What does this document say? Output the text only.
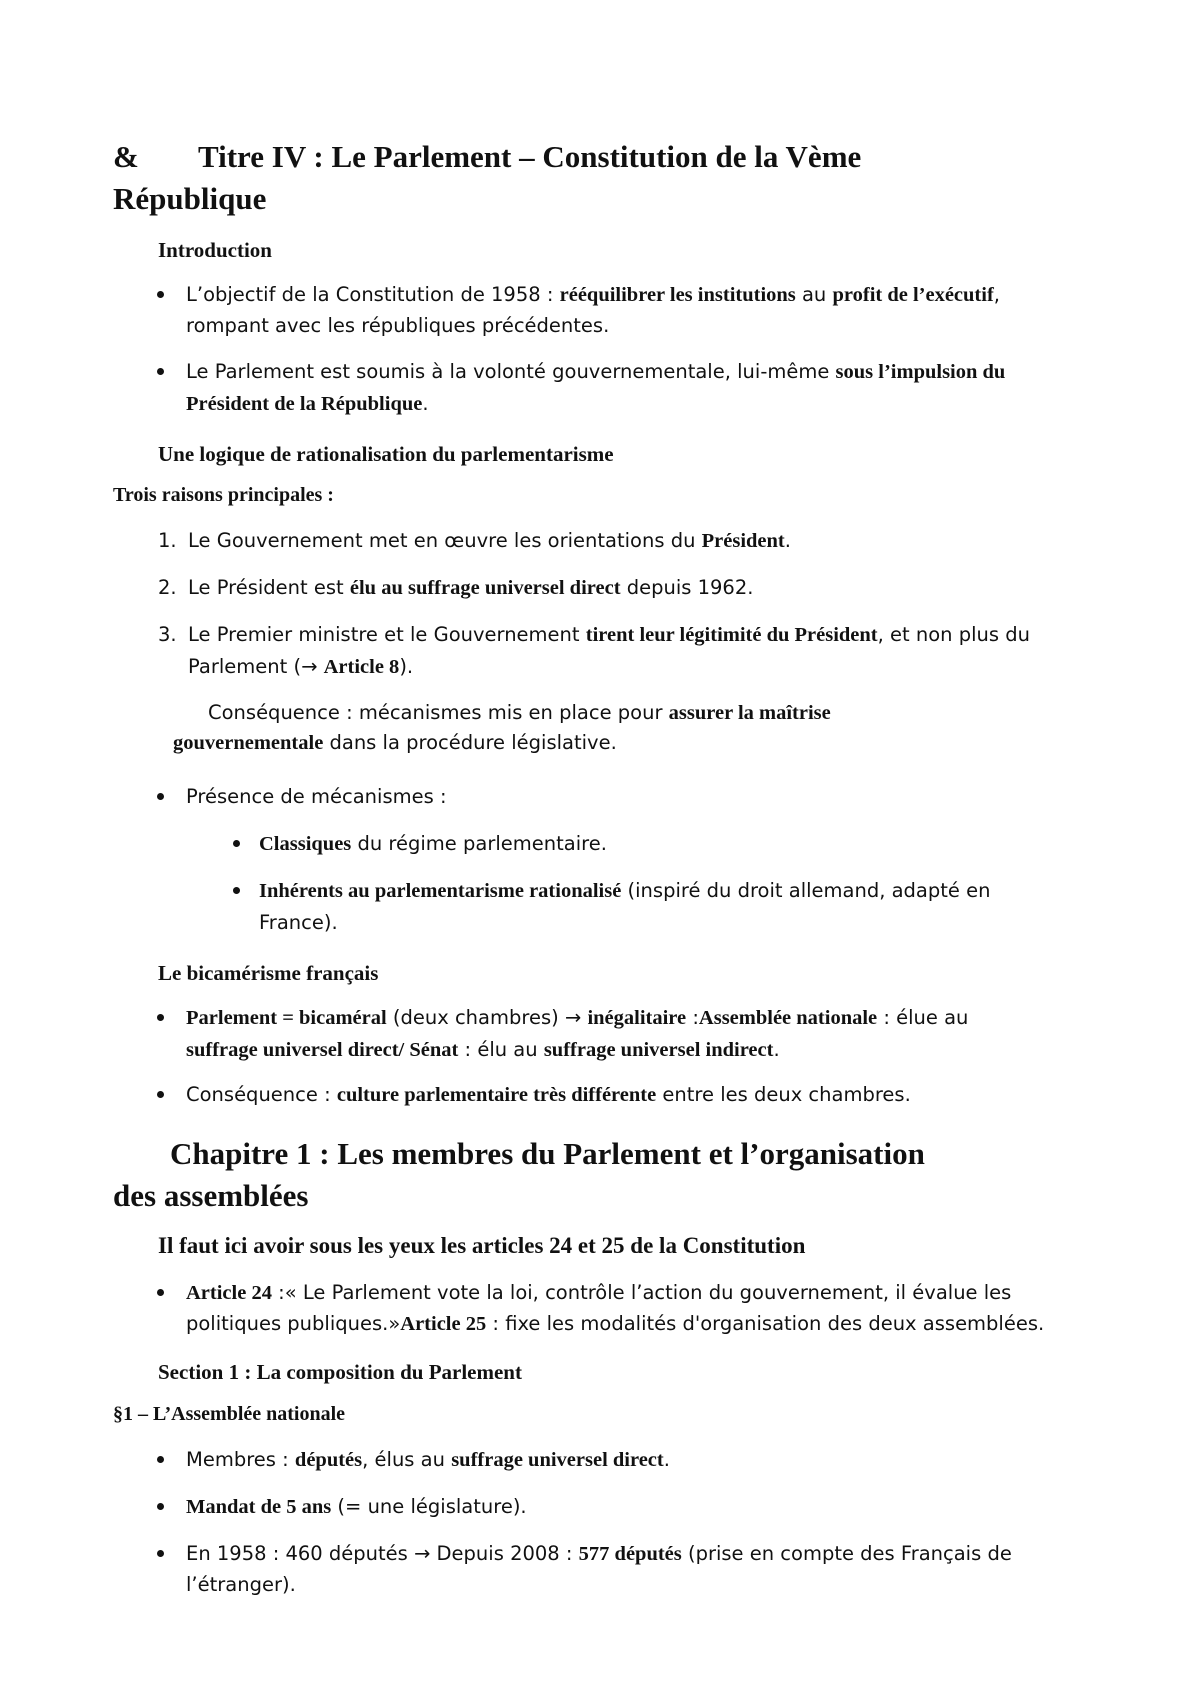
& Titre IV : Le Parlement – Constitution de la Vème
République
Introduction
L’objectif de la Constitution de 1958 : rééquilibrer les institutions au profit de l’exécutif,
rompant avec les républiques précédentes.
Le Parlement est soumis à la volonté gouvernementale, lui-même sous l’impulsion du
Président de la République.
Une logique de rationalisation du parlementarisme
Trois raisons principales :
1. Le Gouvernement met en œuvre les orientations du Président.
2. Le Président est élu au suffrage universel direct depuis 1962.
3. Le Premier ministre et le Gouvernement tirent leur légitimité du Président, et non plus du
Parlement (→ Article 8).
Conséquence : mécanismes mis en place pour assurer la maîtrise
gouvernementale dans la procédure législative.
Présence de mécanismes :
Classiques du régime parlementaire.
Inhérents au parlementarisme rationalisé (inspiré du droit allemand, adapté en
France).
Le bicamérisme français
Parlement = bicaméral (deux chambres) → inégalitaire :Assemblée nationale : élue au
suffrage universel direct/ Sénat : élu au suffrage universel indirect.
Conséquence : culture parlementaire très différente entre les deux chambres.
Chapitre 1 : Les membres du Parlement et l’organisation
des assemblées
Il faut ici avoir sous les yeux les articles 24 et 25 de la Constitution
Article 24 :« Le Parlement vote la loi, contrôle l’action du gouvernement, il évalue les
politiques publiques.»Article 25 : fixe les modalités d'organisation des deux assemblées.
Section 1 : La composition du Parlement
§1 – L’Assemblée nationale
Membres : députés, élus au suffrage universel direct.
Mandat de 5 ans (= une législature).
En 1958 : 460 députés → Depuis 2008 : 577 députés (prise en compte des Français de
l’étranger).
